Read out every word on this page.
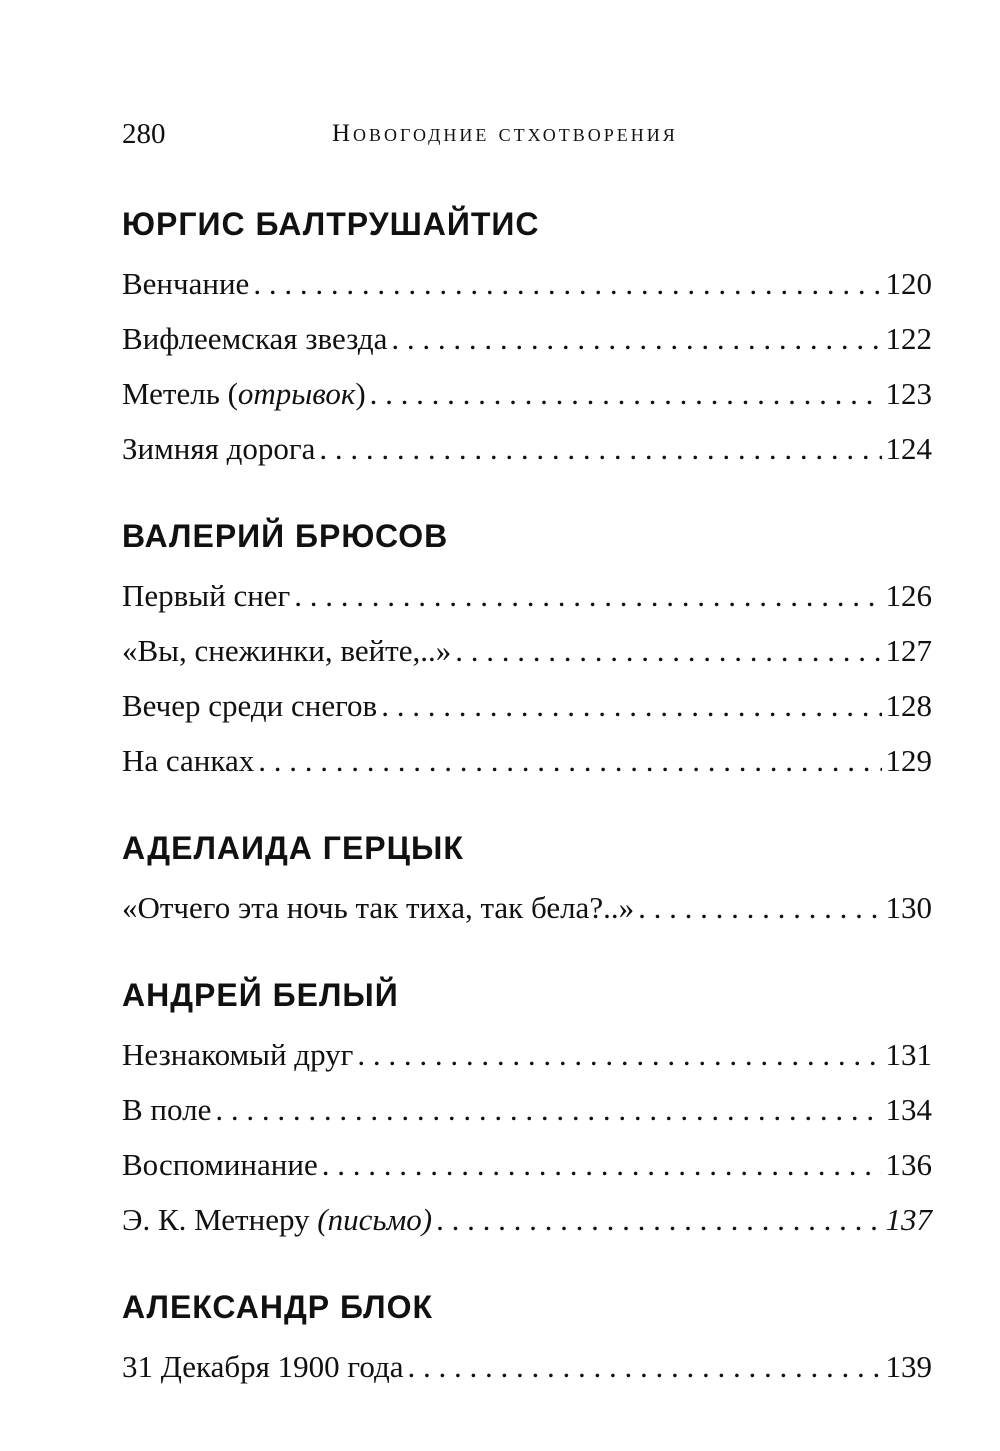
280	Новогодние стхотворения
ЮРГИС БАЛТРУШАЙТИС
Венчание . . .	120
Вифлеемская звезда . . .	122
Метель (отрывок) . . .	123
Зимняя дорога . . .	124
ВАЛЕРИЙ БРЮСОВ
Первый снег . . .	126
«Вы, снежинки, вейте,..» . . .	127
Вечер среди снегов . . .	128
На санках . . .	129
АДЕЛАИДА ГЕРЦЫК
«Отчего эта ночь так тиха, так бела?..» . . .	130
АНДРЕЙ БЕЛЫЙ
Незнакомый друг . . .	131
В поле . . .	134
Воспоминание . . .	136
Э. К. Метнеру (письмо) . . .	137
АЛЕКСАНДР БЛОК
31 Декабря 1900 года . . .	139
